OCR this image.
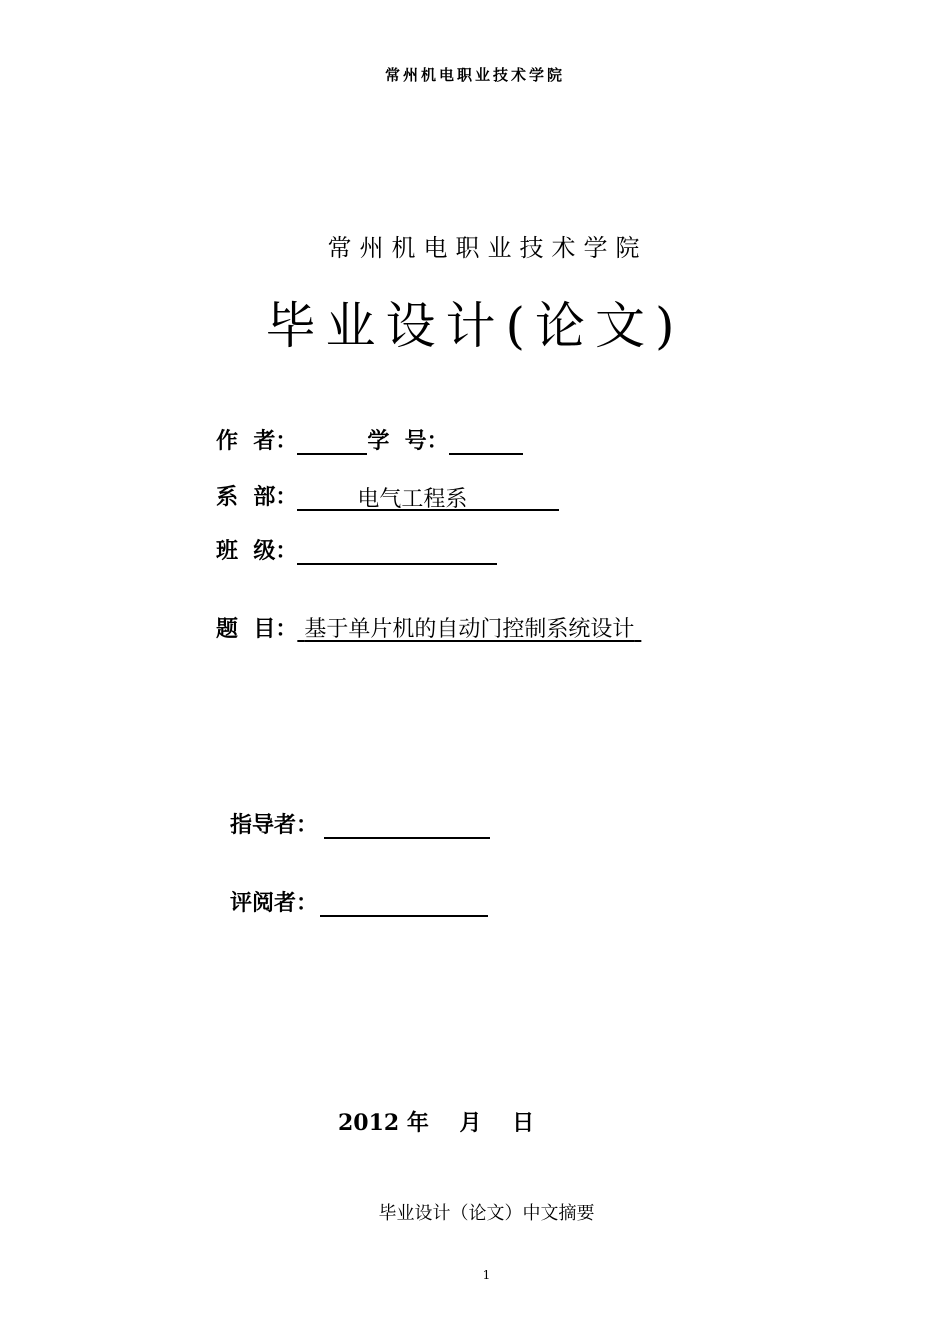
常州机电职业技术学院
常州机电职业技术学院
毕业设计(论文)
作  者：	学  号：
系  部：	电气工程系
班  级：
题  目： 基于单片机的自动门控制系统设计
指导者：
评阅者：
2012 年    月    日
毕业设计（论文）中文摘要
1
